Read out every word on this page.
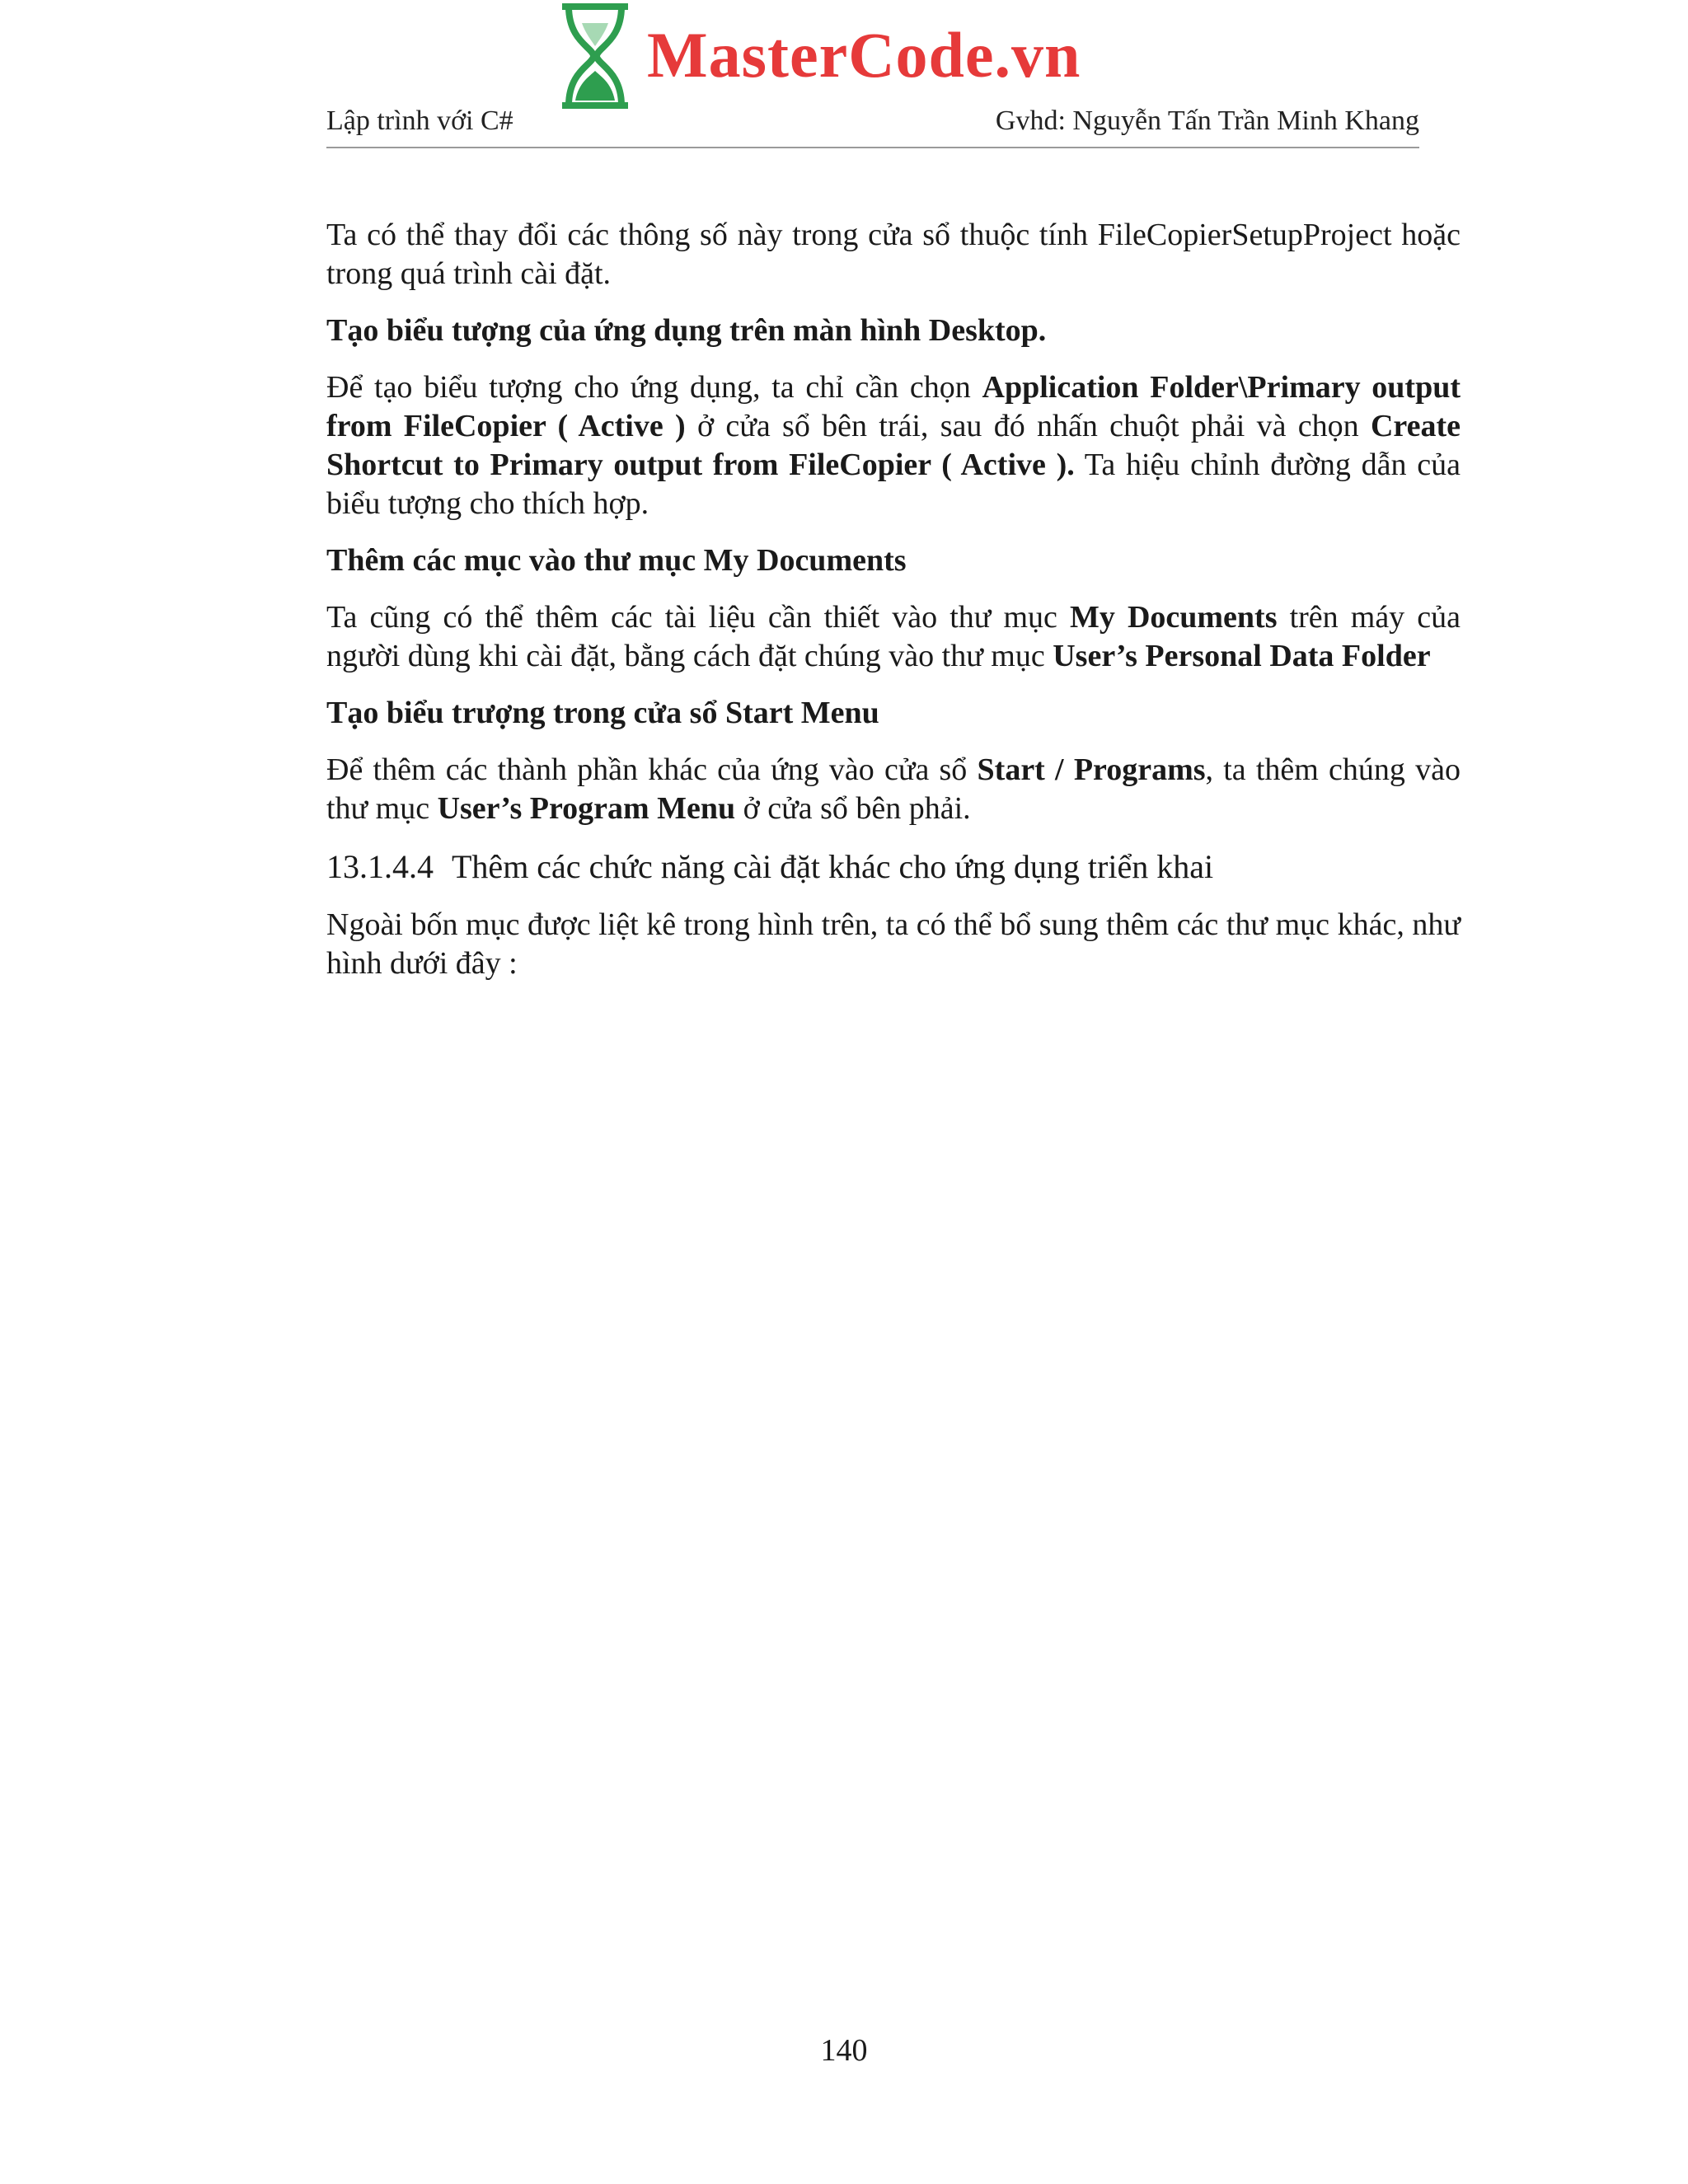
MasterCode.vn
Lập trình với C#	Gvhd: Nguyễn Tấn Trần Minh Khang

Ta có thể thay đổi các thông số này trong cửa sổ thuộc tính FileCopierSetupProject hoặc trong quá trình cài đặt.

Tạo biểu tượng của ứng dụng trên màn hình Desktop.

Để tạo biểu tượng cho ứng dụng, ta chỉ cần chọn Application Folder\Primary output from FileCopier ( Active ) ở cửa sổ bên trái, sau đó nhấn chuột phải và chọn Create Shortcut to Primary output from FileCopier ( Active ). Ta hiệu chỉnh đường dẫn của biểu tượng cho thích hợp.

Thêm các mục vào thư mục My Documents

Ta cũng có thể thêm các tài liệu cần thiết vào thư mục My Documents trên máy của người dùng khi cài đặt, bằng cách đặt chúng vào thư mục User’s Personal Data Folder

Tạo biểu trượng trong cửa sổ Start Menu

Để thêm các thành phần khác của ứng vào cửa sổ Start / Programs, ta thêm chúng vào thư mục User’s Program Menu ở cửa sổ bên phải.

13.1.4.4 Thêm các chức năng cài đặt khác cho ứng dụng triển khai

Ngoài bốn mục được liệt kê trong hình trên, ta có thể bổ sung thêm các thư mục khác, như hình dưới đây :

140
